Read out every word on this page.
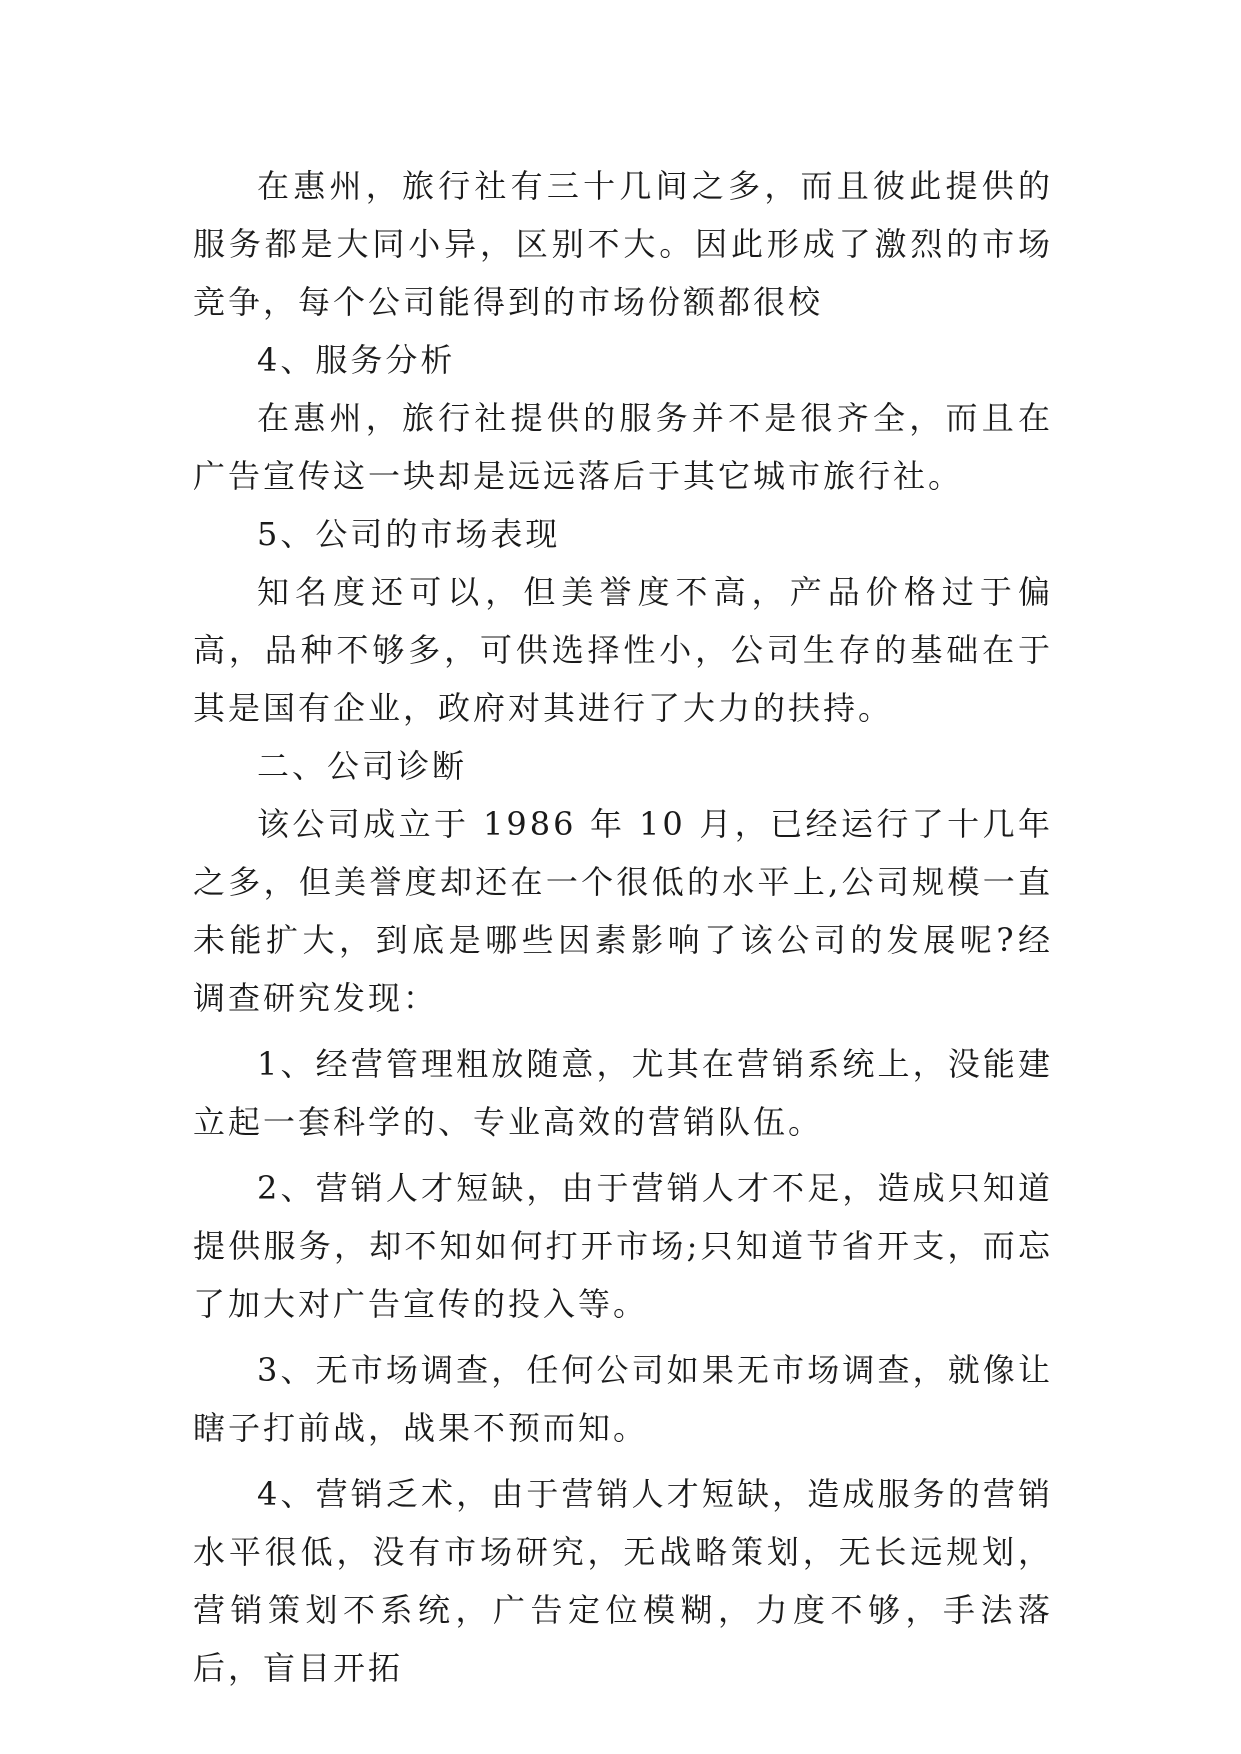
在惠州，旅行社有三十几间之多，而且彼此提供的服务都是大同小异，区别不大。因此形成了激烈的市场竞争，每个公司能得到的市场份额都很校

4、服务分析

在惠州，旅行社提供的服务并不是很齐全，而且在广告宣传这一块却是远远落后于其它城市旅行社。

5、公司的市场表现

知名度还可以，但美誉度不高，产品价格过于偏高，品种不够多，可供选择性小，公司生存的基础在于其是国有企业，政府对其进行了大力的扶持。

二、公司诊断

该公司成立于 1986 年 10 月，已经运行了十几年之多，但美誉度却还在一个很低的水平上,公司规模一直未能扩大，到底是哪些因素影响了该公司的发展呢?经调查研究发现：

1、经营管理粗放随意，尤其在营销系统上，没能建立起一套科学的、专业高效的营销队伍。

2、营销人才短缺，由于营销人才不足，造成只知道提供服务，却不知如何打开市场;只知道节省开支，而忘了加大对广告宣传的投入等。

3、无市场调查，任何公司如果无市场调查，就像让瞎子打前战，战果不预而知。

4、营销乏术，由于营销人才短缺，造成服务的营销水平很低，没有市场研究，无战略策划，无长远规划，营销策划不系统，广告定位模糊，力度不够，手法落后，盲目开拓
